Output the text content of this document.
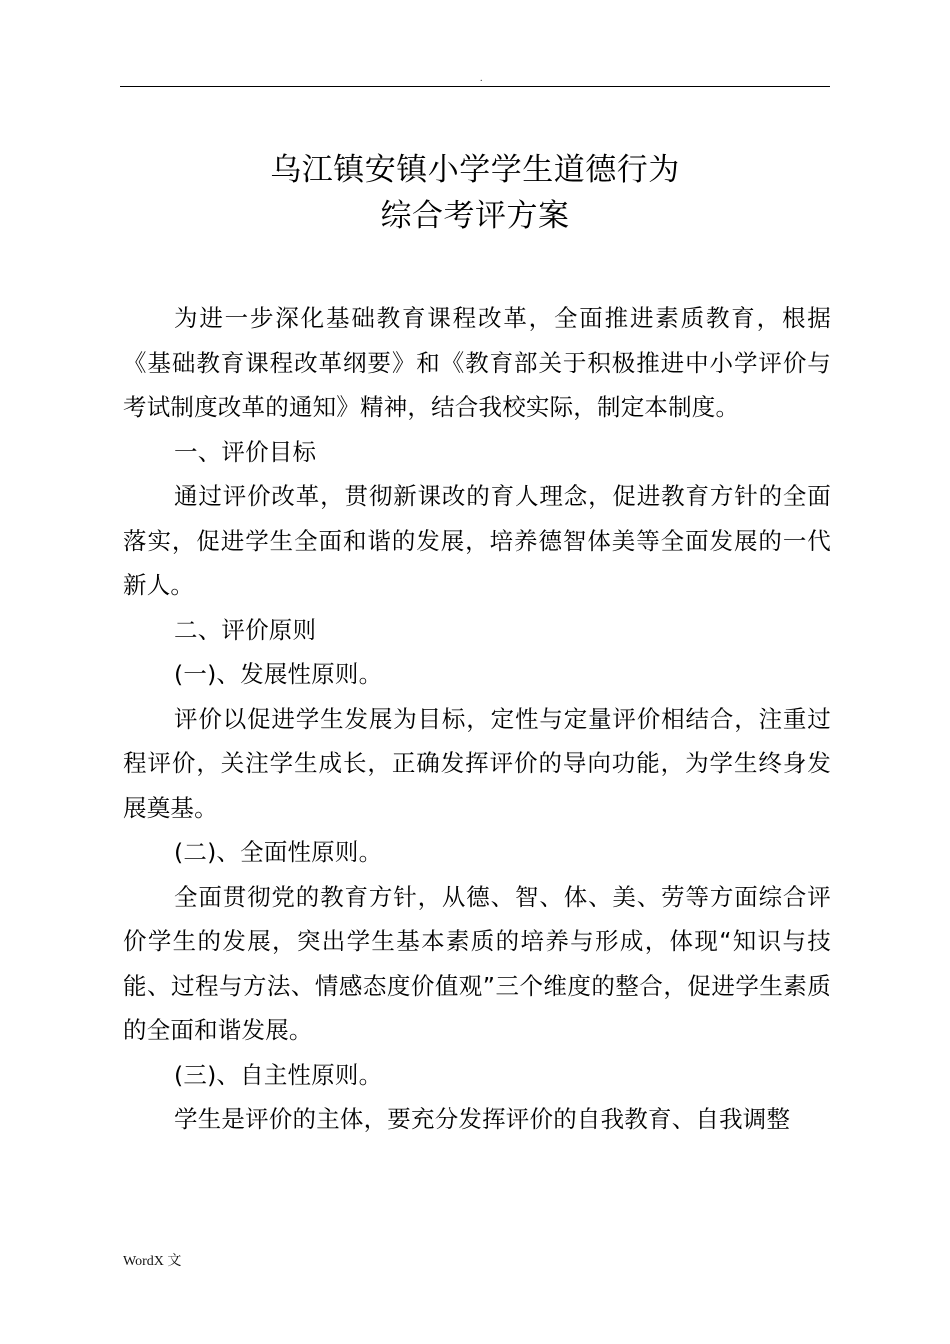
.
乌江镇安镇小学学生道德行为
综合考评方案

为进一步深化基础教育课程改革，全面推进素质教育，根据《基础教育课程改革纲要》和《教育部关于积极推进中小学评价与考试制度改革的通知》精神，结合我校实际，制定本制度。

一、评价目标

通过评价改革，贯彻新课改的育人理念，促进教育方针的全面落实，促进学生全面和谐的发展，培养德智体美等全面发展的一代新人。

二、评价原则

(一)、发展性原则。

评价以促进学生发展为目标，定性与定量评价相结合，注重过程评价，关注学生成长，正确发挥评价的导向功能，为学生终身发展奠基。

(二)、全面性原则。

全面贯彻党的教育方针，从德、智、体、美、劳等方面综合评价学生的发展，突出学生基本素质的培养与形成，体现“知识与技能、过程与方法、情感态度价值观”三个维度的整合，促进学生素质的全面和谐发展。

(三)、自主性原则。

学生是评价的主体，要充分发挥评价的自我教育、自我调整

WordX 文
